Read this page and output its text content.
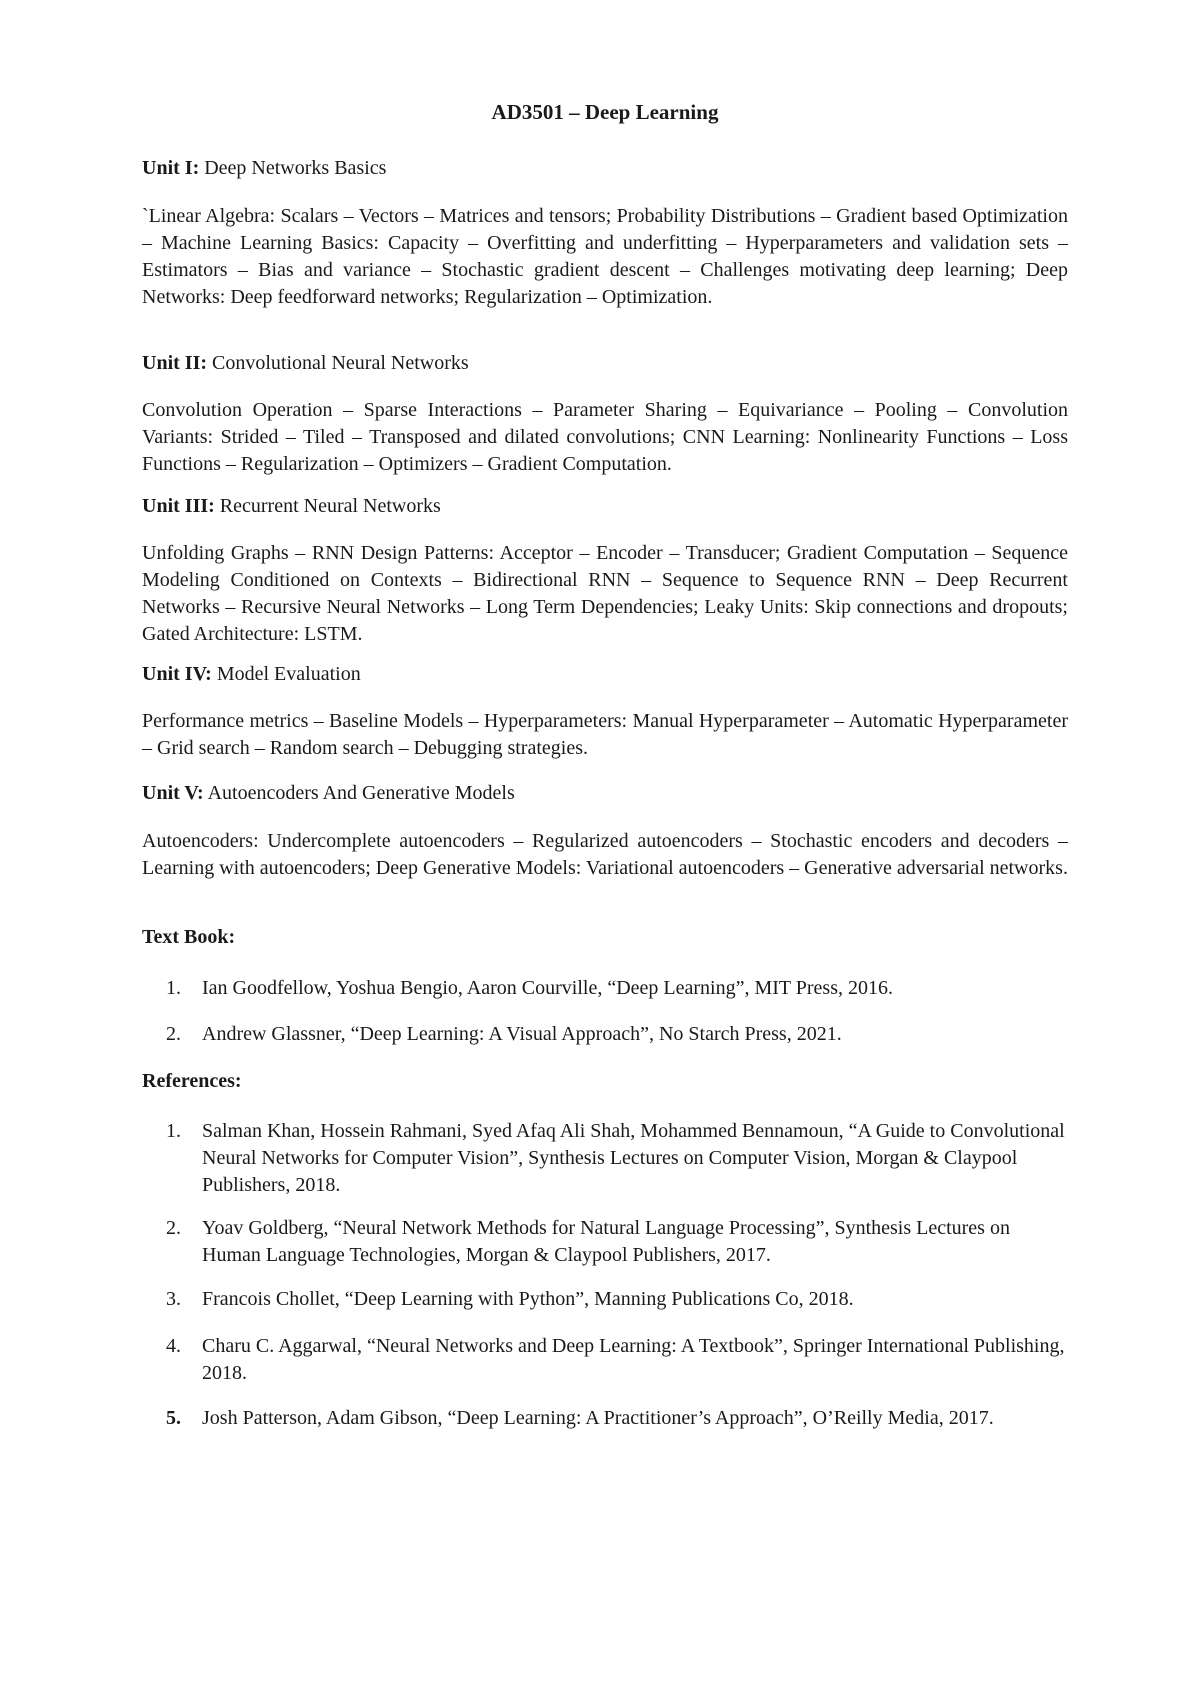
AD3501 – Deep Learning

Unit I: Deep Networks Basics

`Linear Algebra: Scalars – Vectors – Matrices and tensors; Probability Distributions – Gradient based Optimization – Machine Learning Basics: Capacity – Overfitting and underfitting – Hyperparameters and validation sets – Estimators – Bias and variance – Stochastic gradient descent – Challenges motivating deep learning; Deep Networks: Deep feedforward networks; Regularization – Optimization.

Unit II: Convolutional Neural Networks

Convolution Operation – Sparse Interactions – Parameter Sharing – Equivariance – Pooling – Convolution Variants: Strided – Tiled – Transposed and dilated convolutions; CNN Learning: Nonlinearity Functions – Loss Functions – Regularization – Optimizers – Gradient Computation.

Unit III: Recurrent Neural Networks

Unfolding Graphs – RNN Design Patterns: Acceptor – Encoder – Transducer; Gradient Computation – Sequence Modeling Conditioned on Contexts – Bidirectional RNN – Sequence to Sequence RNN – Deep Recurrent Networks – Recursive Neural Networks – Long Term Dependencies; Leaky Units: Skip connections and dropouts; Gated Architecture: LSTM.

Unit IV: Model Evaluation

Performance metrics – Baseline Models – Hyperparameters: Manual Hyperparameter – Automatic Hyperparameter – Grid search – Random search – Debugging strategies.

Unit V: Autoencoders And Generative Models

Autoencoders: Undercomplete autoencoders – Regularized autoencoders – Stochastic encoders and decoders – Learning with autoencoders; Deep Generative Models: Variational autoencoders – Generative adversarial networks.

Text Book:

1.	Ian Goodfellow, Yoshua Bengio, Aaron Courville, “Deep Learning”, MIT Press, 2016.
2.	Andrew Glassner, “Deep Learning: A Visual Approach”, No Starch Press, 2021.

References:

1.	Salman Khan, Hossein Rahmani, Syed Afaq Ali Shah, Mohammed Bennamoun, “A Guide to Convolutional Neural Networks for Computer Vision”, Synthesis Lectures on Computer Vision, Morgan & Claypool Publishers, 2018.
2.	Yoav Goldberg, “Neural Network Methods for Natural Language Processing”, Synthesis Lectures on Human Language Technologies, Morgan & Claypool Publishers, 2017.
3.	Francois Chollet, “Deep Learning with Python”, Manning Publications Co, 2018.
4.	Charu C. Aggarwal, “Neural Networks and Deep Learning: A Textbook”, Springer International Publishing, 2018.
5.	Josh Patterson, Adam Gibson, “Deep Learning: A Practitioner’s Approach”, O’Reilly Media, 2017.
